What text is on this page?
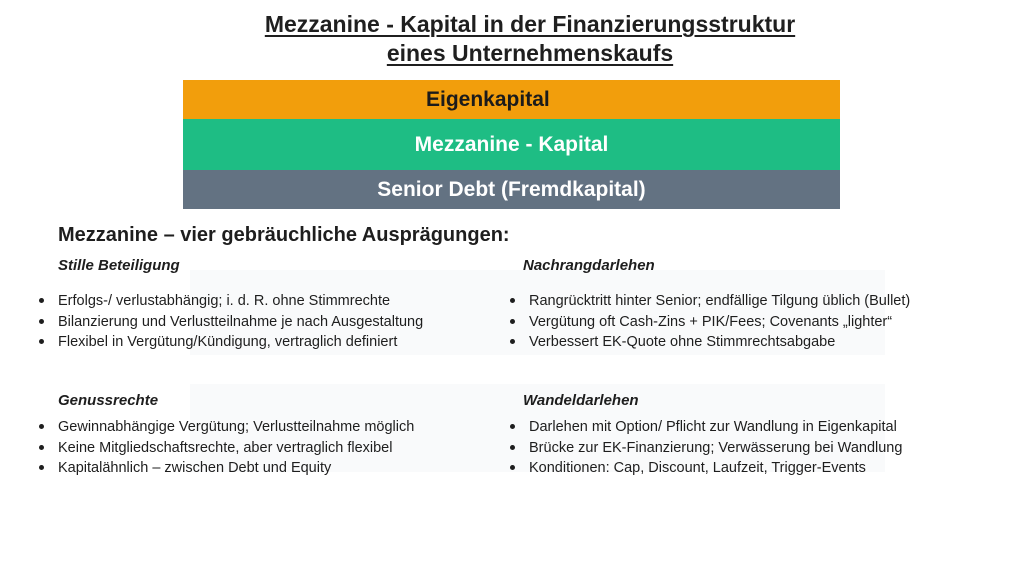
Mezzanine - Kapital in der Finanzierungsstruktur
eines Unternehmenskaufs
Eigenkapital
Mezzanine - Kapital
Senior Debt (Fremdkapital)
Mezzanine – vier gebräuchliche Ausprägungen:
Stille Beteiligung
Erfolgs-/ verlustabhängig; i. d. R. ohne Stimmrechte
Bilanzierung und Verlustteilnahme je nach Ausgestaltung
Flexibel in Vergütung/Kündigung, vertraglich definiert
Nachrangdarlehen
Rangrücktritt hinter Senior; endfällige Tilgung üblich (Bullet)
Vergütung oft Cash-Zins + PIK/Fees; Covenants „lighter“
Verbessert EK-Quote ohne Stimmrechtsabgabe
Genussrechte
Gewinnabhängige Vergütung; Verlustteilnahme möglich
Keine Mitgliedschaftsrechte, aber vertraglich flexibel
Kapitalähnlich – zwischen Debt und Equity
Wandeldarlehen
Darlehen mit Option/ Pflicht zur Wandlung in Eigenkapital
Brücke zur EK-Finanzierung; Verwässerung bei Wandlung
Konditionen: Cap, Discount, Laufzeit, Trigger-Events
